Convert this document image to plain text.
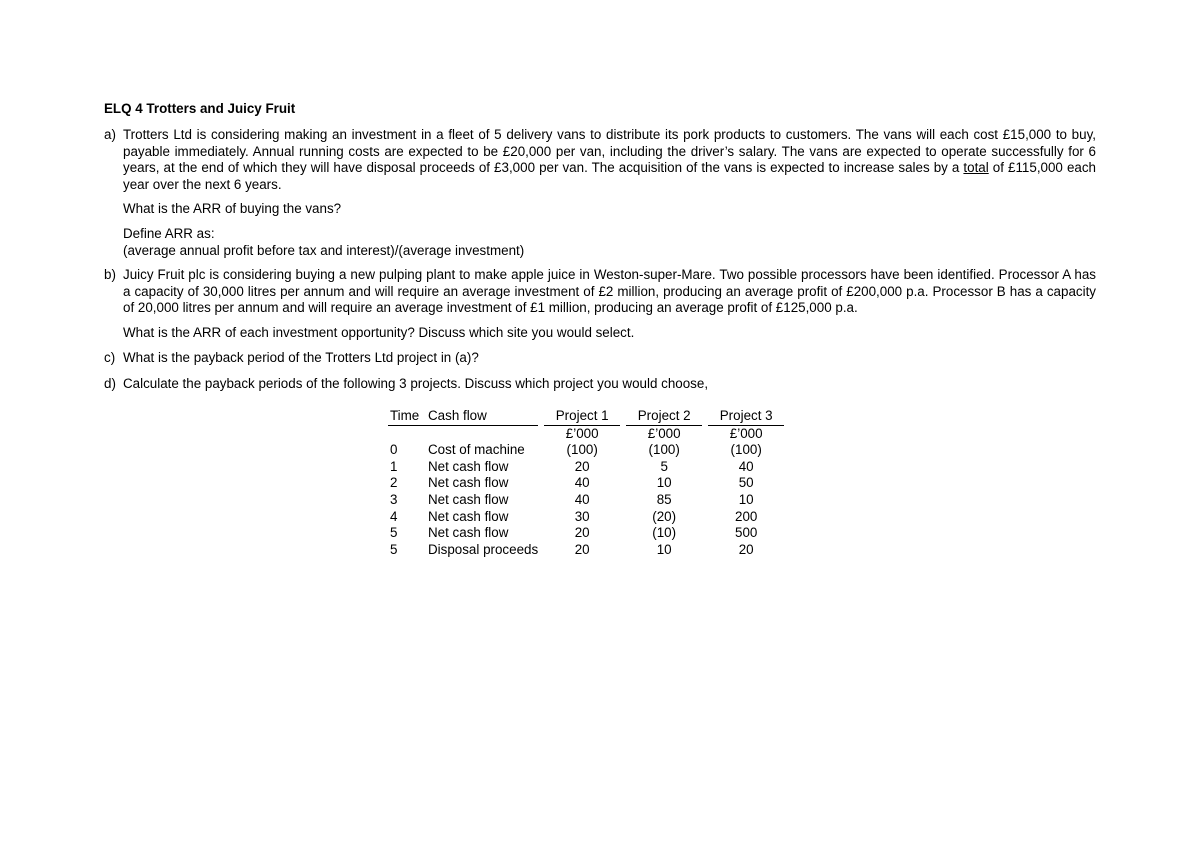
ELQ 4 Trotters and Juicy Fruit
a) Trotters Ltd is considering making an investment in a fleet of 5 delivery vans to distribute its pork products to customers. The vans will each cost £15,000 to buy, payable immediately. Annual running costs are expected to be £20,000 per van, including the driver’s salary. The vans are expected to operate successfully for 6 years, at the end of which they will have disposal proceeds of £3,000 per van. The acquisition of the vans is expected to increase sales by a total of £115,000 each year over the next 6 years.

What is the ARR of buying the vans?

Define ARR as:

(average annual profit before tax and interest)/(average investment)

b) Juicy Fruit plc is considering buying a new pulping plant to make apple juice in Weston-super-Mare. Two possible processors have been identified. Processor A has a capacity of 30,000 litres per annum and will require an average investment of £2 million, producing an average profit of £200,000 p.a. Processor B has a capacity of 20,000 litres per annum and will require an average investment of £1 million, producing an average profit of £125,000 p.a.

What is the ARR of each investment opportunity? Discuss which site you would select.

c) What is the payback period of the Trotters Ltd project in (a)?

d) Calculate the payback periods of the following 3 projects. Discuss which project you would choose,

Time	Cash flow		Project 1		Project 2		Project 3
			£’000		£’000		£’000
0	Cost of machine		(100)		(100)		(100)
1	Net cash flow		20		5		40
2	Net cash flow		40		10		50
3	Net cash flow		40		85		10
4	Net cash flow		30		(20)		200
5	Net cash flow		20		(10)		500
5	Disposal proceeds		20		10		20
